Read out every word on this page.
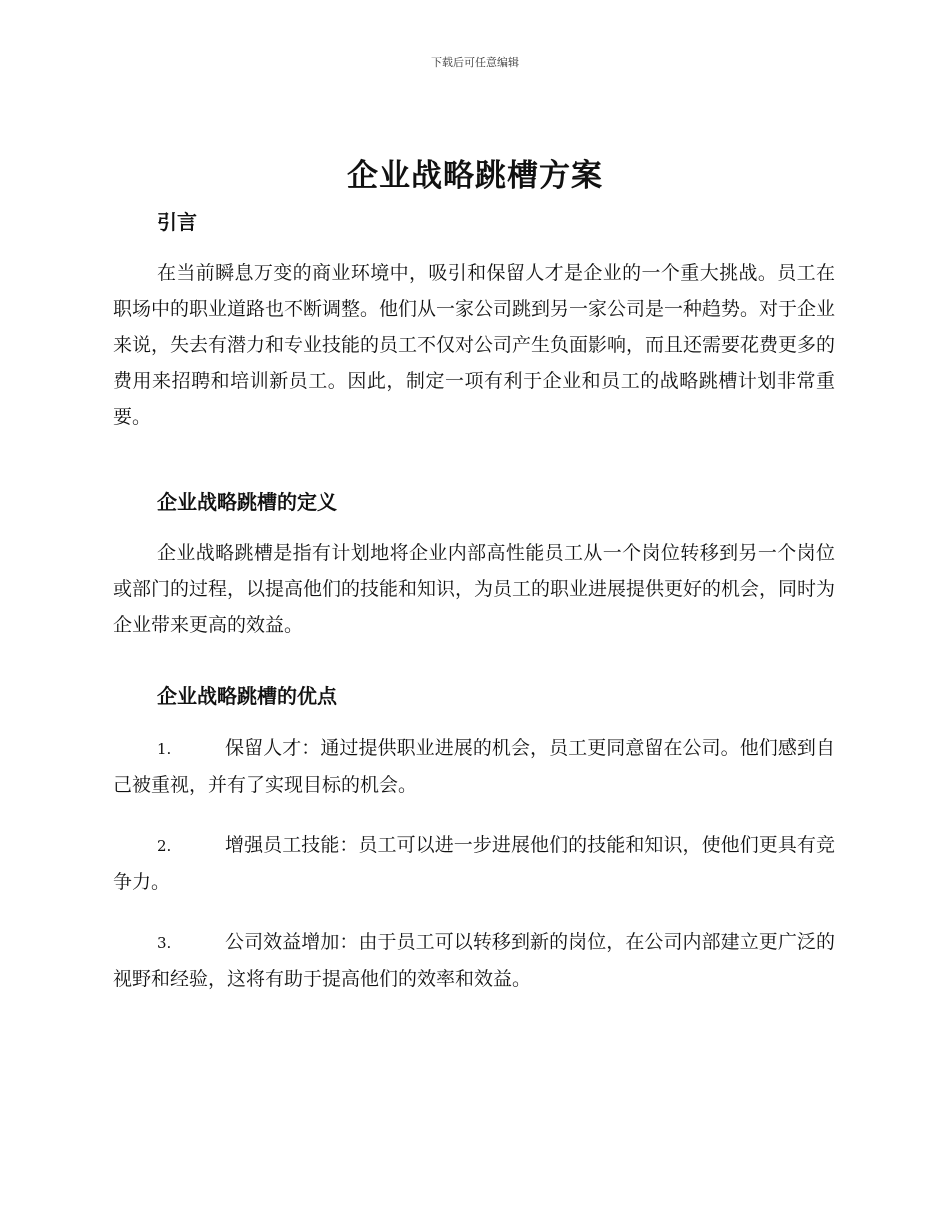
下载后可任意编辑
企业战略跳槽方案
引言

在当前瞬息万变的商业环境中，吸引和保留人才是企业的一个重大挑战。员工在职场中的职业道路也不断调整。他们从一家公司跳到另一家公司是一种趋势。对于企业来说，失去有潜力和专业技能的员工不仅对公司产生负面影响，而且还需要花费更多的费用来招聘和培训新员工。因此，制定一项有利于企业和员工的战略跳槽计划非常重要。

企业战略跳槽的定义

企业战略跳槽是指有计划地将企业内部高性能员工从一个岗位转移到另一个岗位或部门的过程，以提高他们的技能和知识，为员工的职业进展提供更好的机会，同时为企业带来更高的效益。

企业战略跳槽的优点

1.	保留人才：通过提供职业进展的机会，员工更同意留在公司。他们感到自己被重视，并有了实现目标的机会。

2.	增强员工技能：员工可以进一步进展他们的技能和知识，使他们更具有竞争力。

3.	公司效益增加：由于员工可以转移到新的岗位，在公司内部建立更广泛的视野和经验，这将有助于提高他们的效率和效益。
